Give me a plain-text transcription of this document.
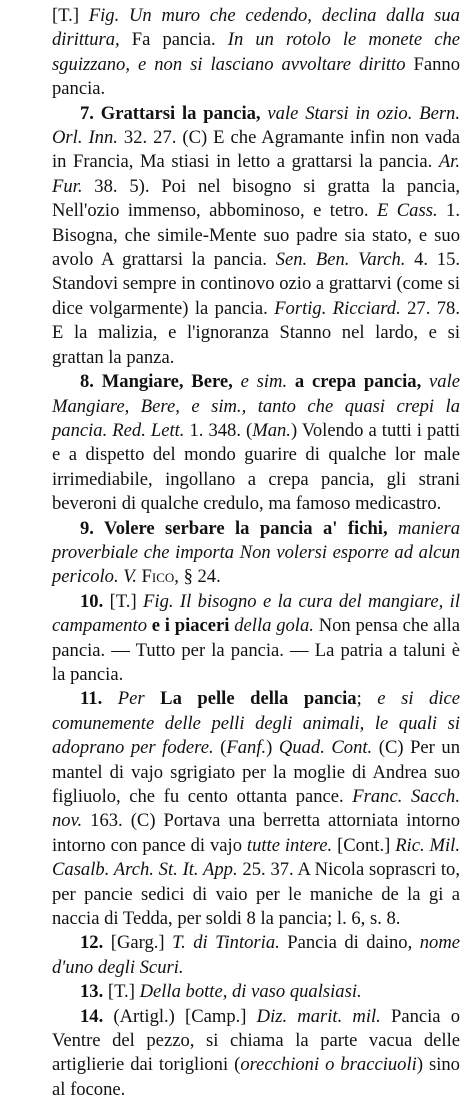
[T.] Fig. Un muro che cedendo, declina dalla sua dirittura, Fa pancia. In un rotolo le monete che sguizzano, e non si lasciano avvoltare diritto Fanno pancia.

7. Grattarsi la pancia, vale Starsi in ozio. Bern. Orl. Inn. 32. 27. (C) E che Agramante infin non vada in Francia, Ma stiasi in letto a grattarsi la pancia. Ar. Fur. 38. 5). Poi nel bisogno si gratta la pancia, Nell'ozio immenso, abbominoso, e tetro. E Cass. 1. Bisogna, che simile-Mente suo padre sia stato, e suo avolo A grattarsi la pancia. Sen. Ben. Varch. 4. 15. Standovi sempre in continovo ozio a grattarvi (come si dice volgarmente) la pancia. Fortig. Ricciard. 27. 78. E la malizia, e l'ignoranza Stanno nel lardo, e si grattan la panza.

8. Mangiare, Bere, e sim. a crepa pancia, vale Mangiare, Bere, e sim., tanto che quasi crepi la pancia. Red. Lett. 1. 348. (Man.) Volendo a tutti i patti e a dispetto del mondo guarire di qualche lor male irrimediabile, ingollano a crepa pancia, gli strani beveroni di qualche credulo, ma famoso medicastro.

9. Volere serbare la pancia a' fichi, maniera proverbiale che importa Non volersi esporre ad alcun pericolo. V. Fico, § 24.

10. [T.] Fig. Il bisogno e la cura del mangiare, il campamento e i piaceri della gola. Non pensa che alla pancia. — Tutto per la pancia. — La patria a taluni è la pancia.

11. Per La pelle della pancia; e si dice comunemente delle pelli degli animali, le quali si adoprano per fodere. (Fanf.) Quad. Cont. (C) Per un mantel di vajo sgrigiato per la moglie di Andrea suo figliuolo, che fu cento ottanta pance. Franc. Sacch. nov. 163. (C) Portava una berretta attorniata intorno intorno con pance di vajo tutte intere. [Cont.] Ric. Mil. Casalb. Arch. St. It. App. 25. 37. A Nicola soprascri to, per pancie sedici di vaio per le maniche de la gi a naccia di Tedda, per soldi 8 la pancia; l. 6, s. 8.

12. [Garg.] T. di Tintoria. Pancia di daino, nome d'uno degli Scuri.

13. [T.] Della botte, di vaso qualsiasi.

14. (Artigl.) [Camp.] Diz. marit. mil. Pancia o Ventre del pezzo, si chiama la parte vacua delle artiglierie dai toriglioni (orecchioni o bracciuoli) sino al focone.
